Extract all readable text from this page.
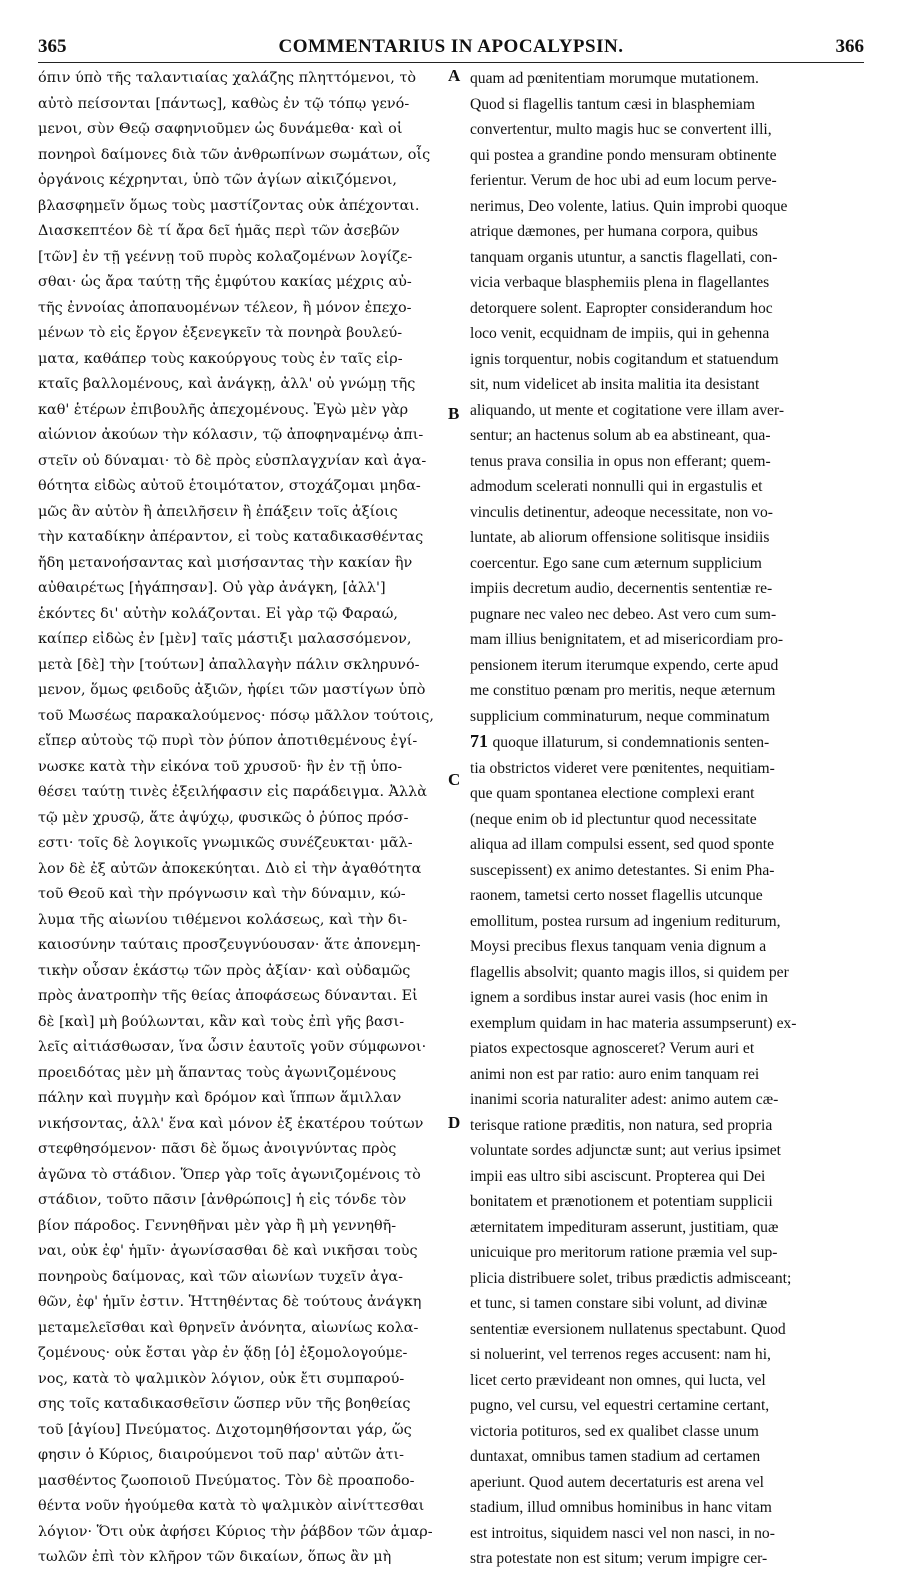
365	COMMENTARIUS IN APOCALYPSIN.	366
όπιν ύπὸ τῆς ταλαντιαίας χαλάζης πληττόμενοι, τὸ
αὐτὸ πείσονται [πάντως], καθὼς ἐν τῷ τόπῳ γενό-
μενοι, σὺν Θεῷ σαφηνιοῦμεν ὡς δυνάμεθα· καὶ οἱ
πονηροὶ δαίμονες διὰ τῶν ἀνθρωπίνων σωμάτων, οἷς
ὀργάνοις κέχρηνται, ὑπὸ τῶν ἁγίων αἰκιζόμενοι,
βλασφημεῖν ὅμως τοὺς μαστίζοντας οὐκ ἀπέχονται.
Διασκεπτέον δὲ τί ἄρα δεῖ ἡμᾶς περὶ τῶν ἀσεβῶν
[τῶν] ἐν τῇ γεέννῃ τοῦ πυρὸς κολαζομένων λογίζε-
σθαι· ὡς ἄρα ταύτῃ τῆς ἐμφύτου κακίας μέχρις αὐ-
τῆς ἐννοίας ἀποπαυομένων τέλεον, ἢ μόνον ἐπεχο-
μένων τὸ εἰς ἔργον ἐξενεγκεῖν τὰ πονηρὰ βουλεύ-
ματα, καθάπερ τοὺς κακούργους τοὺς ἐν ταῖς εἱρ-
κταῖς βαλλομένους, καὶ ἀνάγκῃ, ἀλλ' οὐ γνώμῃ τῆς
καθ' ἑτέρων ἐπιβουλῆς ἀπεχομένους. Ἐγὼ μὲν γὰρ
αἰώνιον ἀκούων τὴν κόλασιν, τῷ ἀποφηναμένῳ ἀπι-
στεῖν οὐ δύναμαι· τὸ δὲ πρὸς εὐσπλαγχνίαν καὶ ἀγα-
θότητα εἰδὼς αὐτοῦ ἑτοιμότατον, στοχάζομαι μηδα-
μῶς ἂν αὐτὸν ἢ ἀπειλῆσειν ἢ ἐπάξειν τοῖς ἀξίοις
τὴν καταδίκην ἀπέραντον, εἰ τοὺς καταδικασθέντας
ἤδη μετανοήσαντας καὶ μισήσαντας τὴν κακίαν ἣν
αὐθαιρέτως [ἠγάπησαν]. Οὐ γὰρ ἀνάγκη, [ἀλλ']
ἑκόντες δι' αὐτὴν κολάζονται. Εἰ γὰρ τῷ Φαραώ,
καίπερ εἰδὼς ἐν [μὲν] ταῖς μάστιξι μαλασσόμενον,
μετὰ [δὲ] τὴν [τούτων] ἀπαλλαγὴν πάλιν σκληρυνό-
μενον, ὅμως φειδοῦς ἀξιῶν, ἠφίει τῶν μαστίγων ὑπὸ
τοῦ Μωσέως παρακαλούμενος· πόσῳ μᾶλλον τούτοις,
εἴπερ αὐτοὺς τῷ πυρὶ τὸν ῥύπον ἀποτιθεμένους ἐγί-
νωσκε κατὰ τὴν εἰκόνα τοῦ χρυσοῦ· ἣν ἐν τῇ ὑπο-
θέσει ταύτῃ τινὲς ἐξειλήφασιν εἰς παράδειγμα. Ἀλλὰ
τῷ μὲν χρυσῷ, ἅτε ἀψύχῳ, φυσικῶς ὁ ῥύπος πρόσ-
εστι· τοῖς δὲ λογικοῖς γνωμικῶς συνέζευκται· μᾶλ-
λον δὲ ἐξ αὐτῶν ἀποκεκύηται. Διὸ εἰ τὴν ἀγαθότητα
τοῦ Θεοῦ καὶ τὴν πρόγνωσιν καὶ τὴν δύναμιν, κώ-
λυμα τῆς αἰωνίου τιθέμενοι κολάσεως, καὶ τὴν δι-
καιοσύνην ταύταις προσζευγνύουσαν· ἅτε ἀπονεμη-
τικὴν οὖσαν ἑκάστῳ τῶν πρὸς ἀξίαν· καὶ οὐδαμῶς
πρὸς ἀνατροπὴν τῆς θείας ἀποφάσεως δύνανται. Εἰ
δὲ [καὶ] μὴ βούλωνται, κἂν καὶ τοὺς ἐπὶ γῆς βασι-
λεῖς αἰτιάσθωσαν, ἵνα ὦσιν ἑαυτοῖς γοῦν σύμφωνοι·
προειδότας μὲν μὴ ἅπαντας τοὺς ἀγωνιζομένους
πάλην καὶ πυγμὴν καὶ δρόμον καὶ ἵππων ἅμιλλαν
νικήσοντας, ἀλλ' ἕνα καὶ μόνον ἐξ ἑκατέρου τούτων
στεφθησόμενον· πᾶσι δὲ ὅμως ἀνοιγνύντας πρὸς
ἀγῶνα τὸ στάδιον. Ὅπερ γὰρ τοῖς ἀγωνιζομένοις τὸ
στάδιον, τοῦτο πᾶσιν [ἀνθρώποις] ἡ εἰς τόνδε τὸν
βίον πάροδος. Γεννηθῆναι μὲν γὰρ ἢ μὴ γεννηθῆ-
ναι, οὐκ ἐφ' ἡμῖν· ἀγωνίσασθαι δὲ καὶ νικῆσαι τοὺς
πονηροὺς δαίμονας, καὶ τῶν αἰωνίων τυχεῖν ἀγα-
θῶν, ἐφ' ἡμῖν ἐστιν. Ἡττηθέντας δὲ τούτους ἀνάγκη
μεταμελεῖσθαι καὶ θρηνεῖν ἀνόνητα, αἰωνίως κολα-
ζομένους· οὐκ ἔσται γὰρ ἐν ᾅδῃ [ὁ] ἐξομολογούμε-
νος, κατὰ τὸ ψαλμικὸν λόγιον, οὐκ ἔτι συμπαρού-
σης τοῖς καταδικασθεῖσιν ὥσπερ νῦν τῆς βοηθείας
τοῦ [ἁγίου] Πνεύματος. Διχοτομηθήσονται γάρ, ὥς
φησιν ὁ Κύριος, διαιρούμενοι τοῦ παρ' αὐτῶν ἀτι-
μασθέντος ζωοποιοῦ Πνεύματος. Τὸν δὲ προαποδο-
θέντα νοῦν ἡγούμεθα κατὰ τὸ ψαλμικὸν αἰνίττεσθαι
λόγιον· Ὅτι οὐκ ἀφήσει Κύριος τὴν ῥάβδον τῶν ἁμαρ-
τωλῶν ἐπὶ τὸν κλῆρον τῶν δικαίων, ὅπως ἂν μὴ
quam ad pœnitentiam morumque mutationem.
Quod si flagellis tantum cæsi in blasphemiam
convertentur, multo magis huc se convertent illi,
qui postea a grandine pondo mensuram obtinente
ferientur. Verum de hoc ubi ad eum locum perve-
nerimus, Deo volente, latius. Quin improbi quoque
atrique dæmones, per humana corpora, quibus
tanquam organis utuntur, a sanctis flagellati, con-
vicia verbaque blasphemiis plena in flagellantes
detorquere solent. Eapropter considerandum hoc
loco venit, ecquidnam de impiis, qui in gehenna
ignis torquentur, nobis cogitandum et statuendum
sit, num videlicet ab insita malitia ita desistant
aliquando, ut mente et cogitatione vere illam aver-
sentur; an hactenus solum ab ea abstineant, qua-
tenus prava consilia in opus non efferant; quem-
admodum scelerati nonnulli qui in ergastulis et
vinculis detinentur, adeoque necessitate, non vo-
luntate, ab aliorum offensione solitisque insidiis
coercentur. Ego sane cum æternum supplicium
impiis decretum audio, decernentis sententiæ re-
pugnare nec valeo nec debeo. Ast vero cum sum-
mam illius benignitatem, et ad misericordiam pro-
pensionem iterum iterumque expendo, certe apud
me constituo pœnam pro meritis, neque æternum
supplicium comminaturum, neque comminatum
71 quoque illaturum, si condemnationis senten-
tia obstrictos videret vere pœnitentes, nequitiam-
que quam spontanea electione complexi erant
(neque enim ob id plectuntur quod necessitate
aliqua ad illam compulsi essent, sed quod sponte
suscepissent) ex animo detestantes. Si enim Pha-
raonem, tametsi certo nosset flagellis utcunque
emollitum, postea rursum ad ingenium rediturum,
Moysi precibus flexus tanquam venia dignum a
flagellis absolvit; quanto magis illos, si quidem per
ignem a sordibus instar aurei vasis (hoc enim in
exemplum quidam in hac materia assumpserunt) ex-
piatos expectosque agnosceret? Verum auri et
animi non est par ratio: auro enim tanquam rei
inanimi scoria naturaliter adest: animo autem cæ-
terisque ratione præditis, non natura, sed propria
voluntate sordes adjunctæ sunt; aut verius ipsimet
impii eas ultro sibi asciscunt. Propterea qui Dei
bonitatem et prænotionem et potentiam supplicii
æternitatem impedituram asserunt, justitiam, quæ
unicuique pro meritorum ratione præmia vel sup-
plicia distribuere solet, tribus prædictis admisceant;
et tunc, si tamen constare sibi volunt, ad divinæ
sententiæ eversionem nullatenus spectabunt. Quod
si noluerint, vel terrenos reges accusent: nam hi,
licet certo prævideant non omnes, qui lucta, vel
pugno, vel cursu, vel equestri certamine certant,
victoria potituros, sed ex qualibet classe unum
duntaxat, omnibus tamen stadium ad certamen
aperiunt. Quod autem decertaturis est arena vel
stadium, illud omnibus hominibus in hanc vitam
est introitus, siquidem nasci vel non nasci, in no-
stra potestate non est situm; verum impigre cer-
A
B
C
D
